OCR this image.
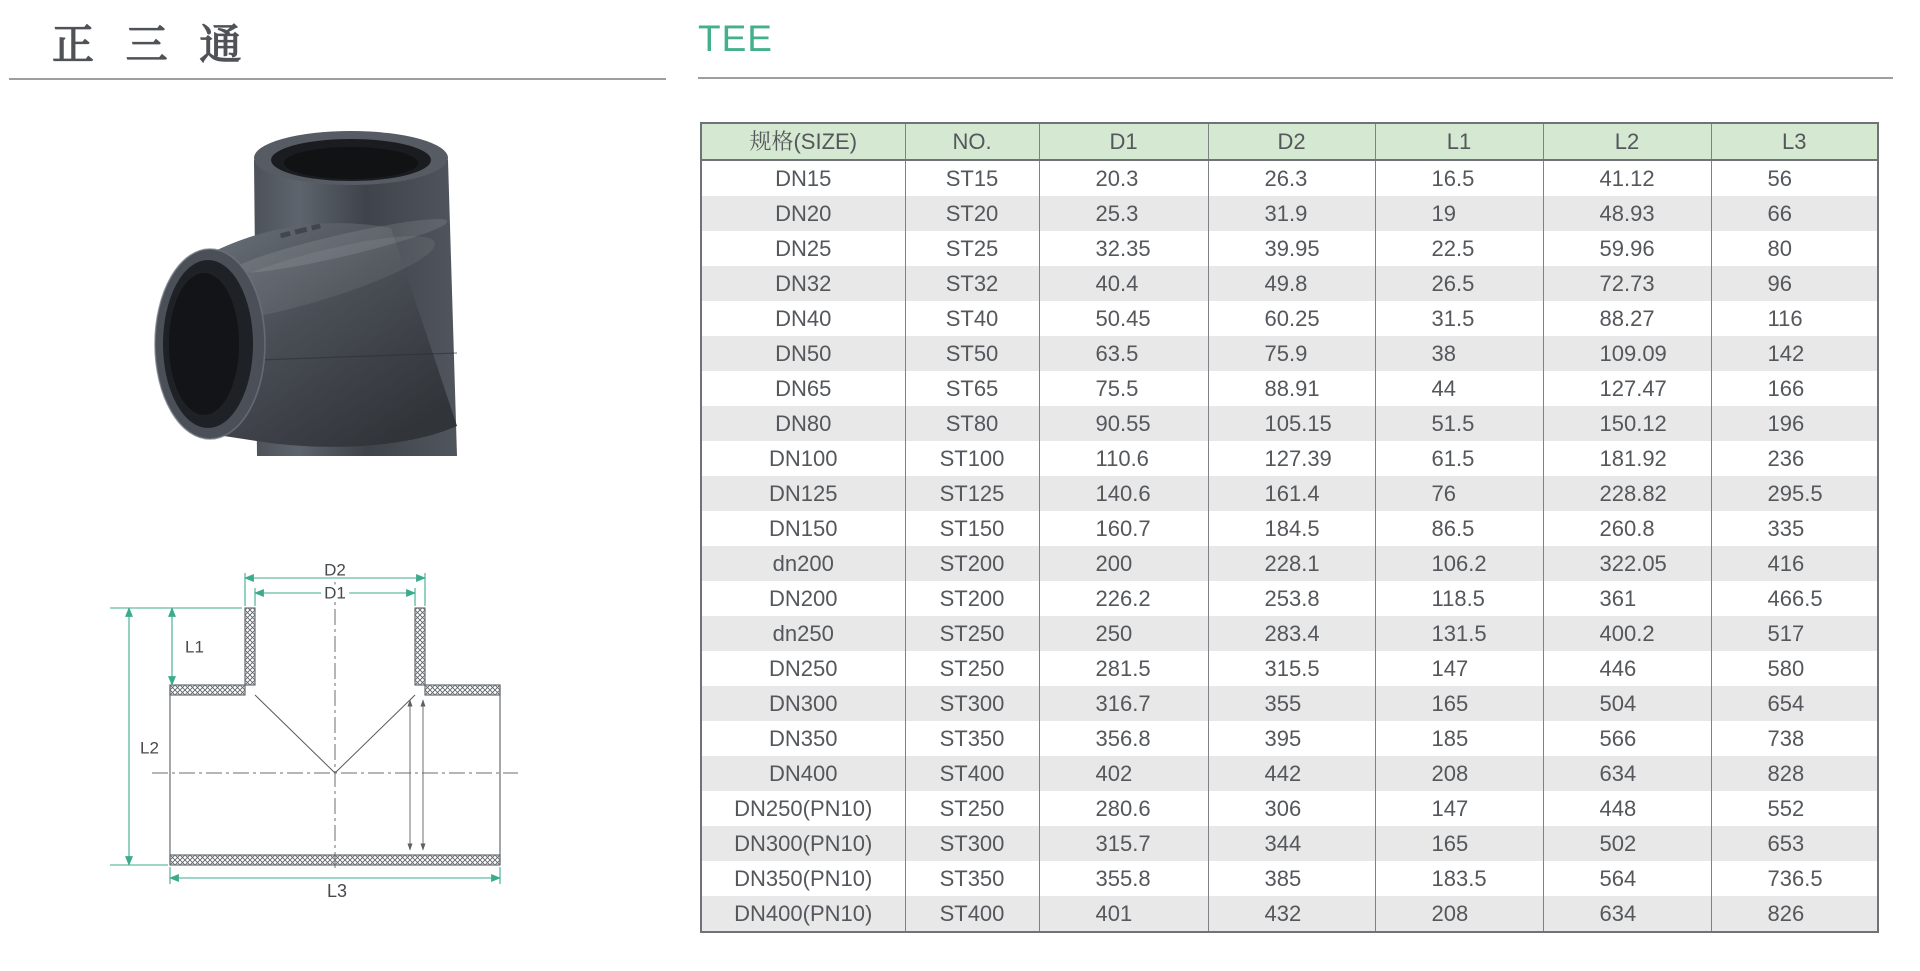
正 三 通	TEE
D2
D1
L1
L2
L3
规格(SIZE)	NO.	D1	D2	L1	L2	L3
DN15	ST15	20.3	26.3	16.5	41.12	56
DN20	ST20	25.3	31.9	19	48.93	66
DN25	ST25	32.35	39.95	22.5	59.96	80
DN32	ST32	40.4	49.8	26.5	72.73	96
DN40	ST40	50.45	60.25	31.5	88.27	116
DN50	ST50	63.5	75.9	38	109.09	142
DN65	ST65	75.5	88.91	44	127.47	166
DN80	ST80	90.55	105.15	51.5	150.12	196
DN100	ST100	110.6	127.39	61.5	181.92	236
DN125	ST125	140.6	161.4	76	228.82	295.5
DN150	ST150	160.7	184.5	86.5	260.8	335
dn200	ST200	200	228.1	106.2	322.05	416
DN200	ST200	226.2	253.8	118.5	361	466.5
dn250	ST250	250	283.4	131.5	400.2	517
DN250	ST250	281.5	315.5	147	446	580
DN300	ST300	316.7	355	165	504	654
DN350	ST350	356.8	395	185	566	738
DN400	ST400	402	442	208	634	828
DN250(PN10)	ST250	280.6	306	147	448	552
DN300(PN10)	ST300	315.7	344	165	502	653
DN350(PN10)	ST350	355.8	385	183.5	564	736.5
DN400(PN10)	ST400	401	432	208	634	826
